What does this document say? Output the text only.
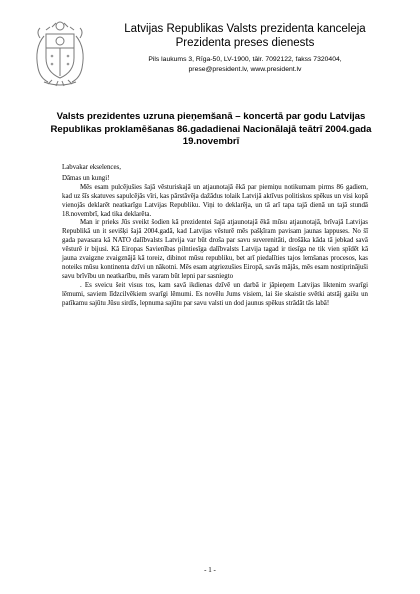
Latvijas Republikas Valsts prezidenta kanceleja
Prezidenta preses dienests
Pils laukums 3, Rīga-50, LV-1900, tālr. 7092122, fakss 7320404,
prese@president.lv, www.president.lv
Valsts prezidentes uzruna pieņemšanā – koncertā par godu Latvijas Republikas proklamēšanas 86.gadadienai Nacionālajā teātrī 2004.gada 19.novembrī

Labvakar ekselences,

Dāmas un kungi!

Mēs esam pulcējušies šajā vēsturiskajā un atjaunotajā ēkā par piemiņu notikumam pirms 86 gadiem, kad uz šīs skatuves sapulcējās vīri, kas pārstāvēja dažādus tolaik Latvijā aktīvus politiskos spēkus un visi kopā vienojās deklarēt neatkarīgu Latvijas Republiku. Viņi to deklarēja, un tā arī tapa tajā dienā un tajā stundā 18.novembrī, kad tika deklarēta.

Man ir prieks Jūs sveikt šodien kā prezidentei šajā atjaunotajā ēkā mūsu atjaunotajā, brīvajā Latvijas Republikā un it sevišķi šajā 2004.gadā, kad Latvijas vēsturē mēs pašķīram pavisam jaunas lappuses. No šī gada pavasara kā NATO dalībvalsts Latvija var būt droša par savu suverenitāti, drošāka kāda tā jebkad savā vēsturē ir bijusi. Kā Eiropas Savienības pilntiesīga dalībvalsts Latvija tagad ir tiesīga ne tik vien spīdēt kā jauna zvaigzne zvaigznājā kā toreiz, dibinot mūsu republiku, bet arī piedalīties tajos lemšanas procesos, kas noteiks mūsu kontinenta dzīvi un nākotni. Mēs esam atgriezušies Eiropā, savās mājās, mēs esam nostiprinājuši savu brīvību un neatkarību, mēs varam būt lepni par sasniegto

. Es sveicu šeit visus tos, kam savā ikdienas dzīvē un darbā ir jāpieņem Latvijas liktenim svarīgi lēmumi, saviem līdzcilvēkiem svarīgi lēmumi. Es novēlu Jums visiem, lai šie skaistie svētki atstāj gaišu un patīkamu sajūtu Jūsu sirdīs, lepnuma sajūtu par savu valsti un dod jaunus spēkus strādāt tās labā!

- 1 -
